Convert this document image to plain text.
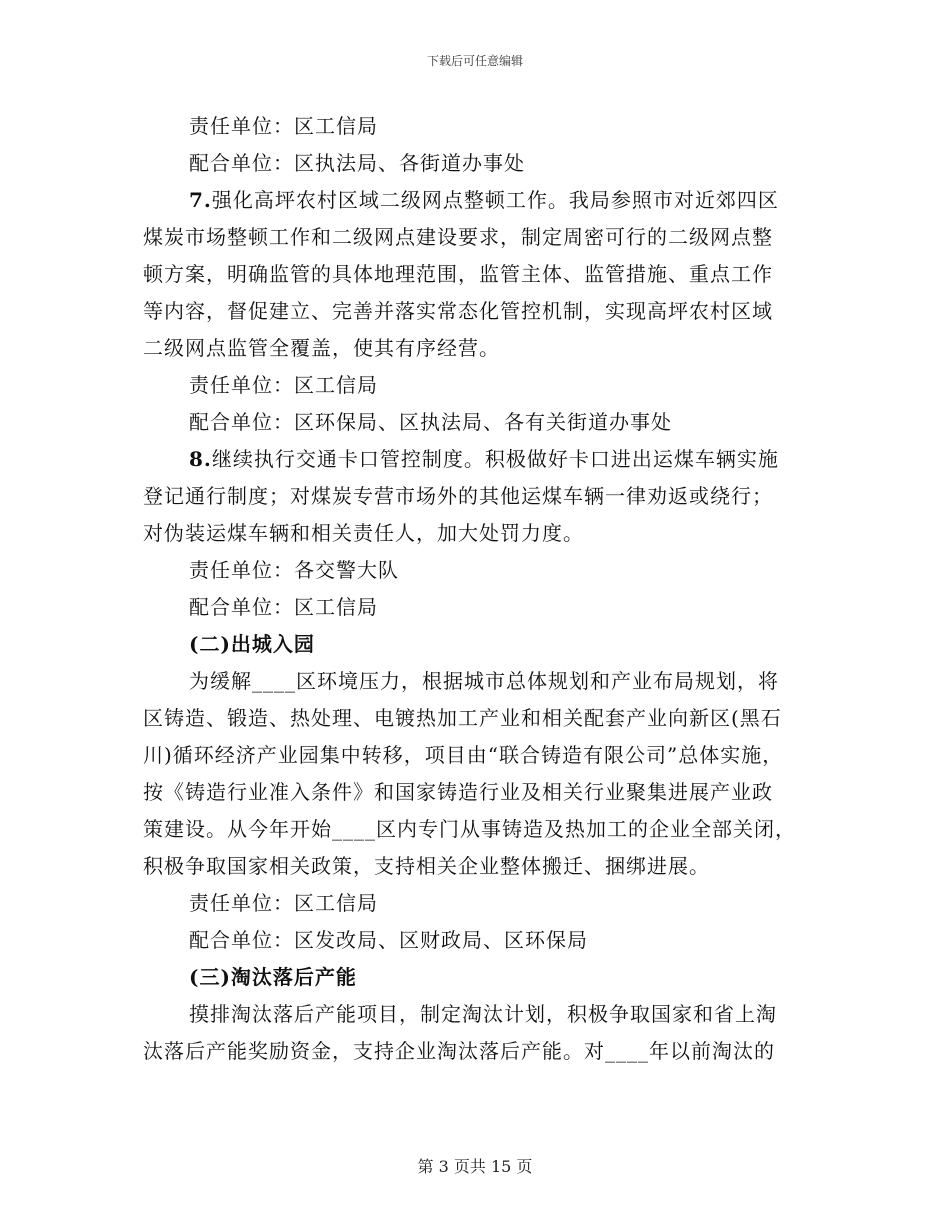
下载后可任意编辑
责任单位：区工信局
配合单位：区执法局、各街道办事处
7.强化高坪农村区域二级网点整顿工作。我局参照市对近郊四区
煤炭市场整顿工作和二级网点建设要求，制定周密可行的二级网点整
顿方案，明确监管的具体地理范围，监管主体、监管措施、重点工作
等内容，督促建立、完善并落实常态化管控机制，实现高坪农村区域
二级网点监管全覆盖，使其有序经营。
责任单位：区工信局
配合单位：区环保局、区执法局、各有关街道办事处
8.继续执行交通卡口管控制度。积极做好卡口进出运煤车辆实施
登记通行制度；对煤炭专营市场外的其他运煤车辆一律劝返或绕行；
对伪装运煤车辆和相关责任人，加大处罚力度。
责任单位：各交警大队
配合单位：区工信局
(二)出城入园
为缓解____区环境压力，根据城市总体规划和产业布局规划，将
区铸造、锻造、热处理、电镀热加工产业和相关配套产业向新区(黑石
川)循环经济产业园集中转移，项目由“联合铸造有限公司”总体实施，
按《铸造行业准入条件》和国家铸造行业及相关行业聚集进展产业政
策建设。从今年开始____区内专门从事铸造及热加工的企业全部关闭，
积极争取国家相关政策，支持相关企业整体搬迁、捆绑进展。
责任单位：区工信局
配合单位：区发改局、区财政局、区环保局
(三)淘汰落后产能
摸排淘汰落后产能项目，制定淘汰计划，积极争取国家和省上淘
汰落后产能奖励资金，支持企业淘汰落后产能。对____年以前淘汰的
第 3 页共 15 页
